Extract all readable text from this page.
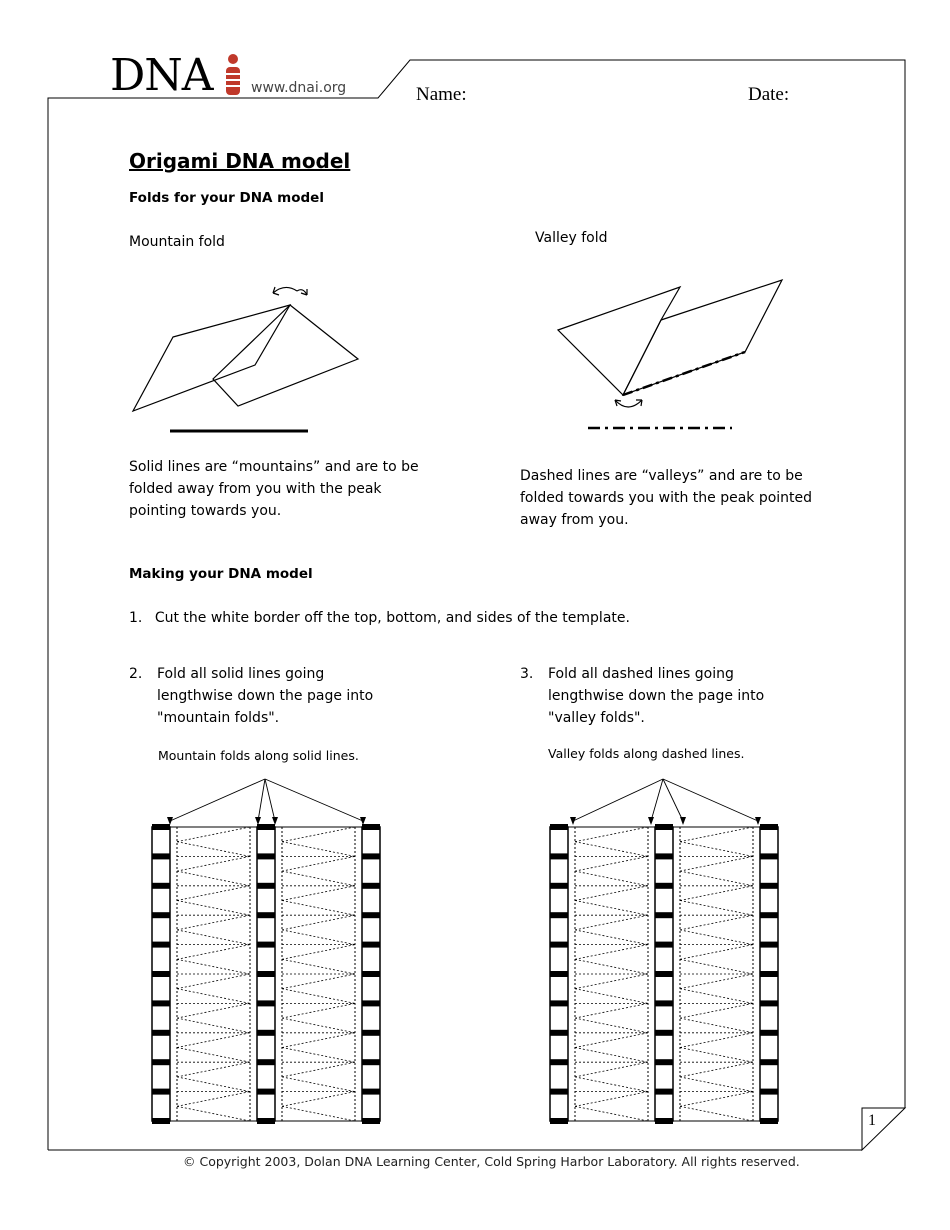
DNA	www.dnai.org	Name:	Date:
Origami DNA model
Folds for your DNA model
Mountain fold	Valley fold
Solid lines are “mountains” and are to be folded away from you with the peak pointing towards you.
Dashed lines are “valleys” and are to be folded towards you with the peak pointed away from you.
Making your DNA model
1. Cut the white border off the top, bottom, and sides of the template.
2.	Fold all solid lines going lengthwise down the page into "mountain folds".
Mountain folds along solid lines.
3.	Fold all dashed lines going lengthwise down the page into "valley folds".
Valley folds along dashed lines.
© Copyright 2003, Dolan DNA Learning Center, Cold Spring Harbor Laboratory. All rights reserved.
1
